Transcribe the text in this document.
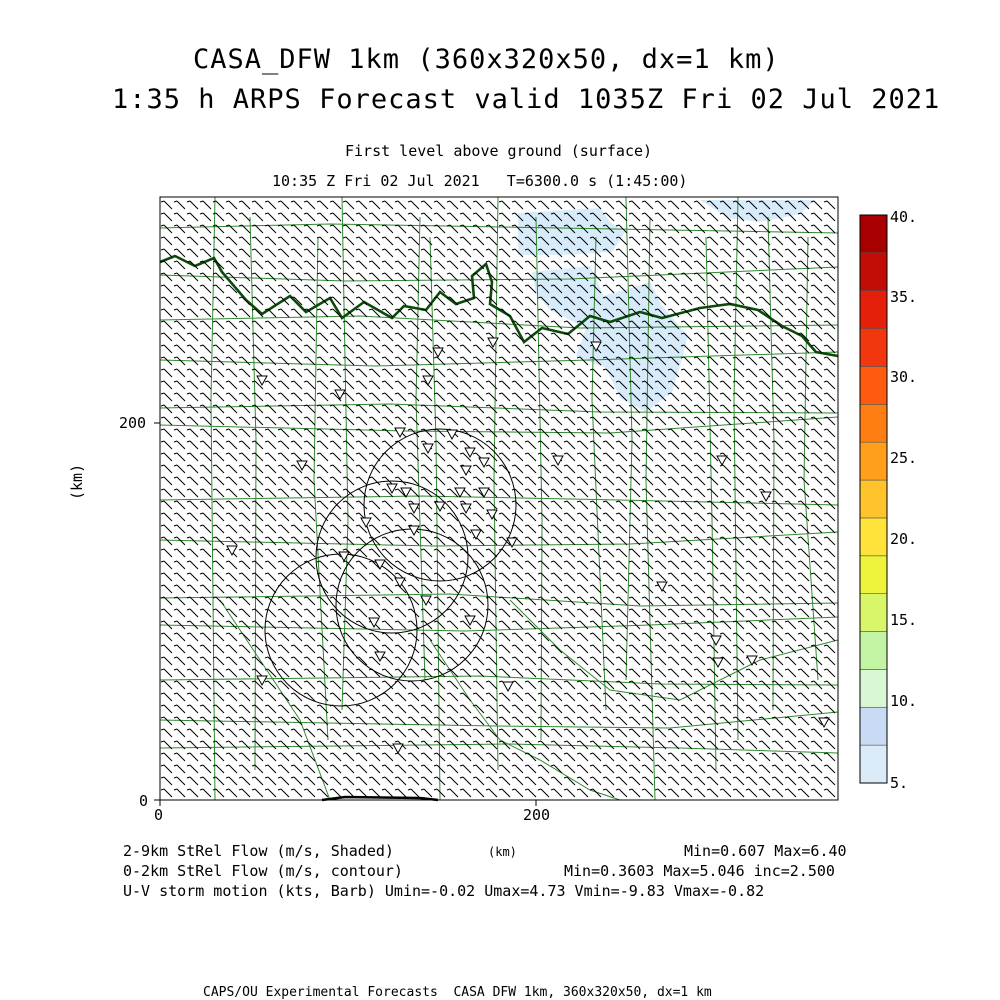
CASA_DFW 1km (360x320x50, dx=1 km)
1:35 h ARPS Forecast valid 1035Z Fri 02 Jul 2021
First level above ground (surface)
10:35 Z Fri 02 Jul 2021   T=6300.0 s (1:45:00)
(km)
200
0
0	200
40.
35.
30.
25.
20.
15.
10.
5.
2-9km StRel Flow (m/s, Shaded)	(km)	Min=0.607 Max=6.40
0-2km StRel Flow (m/s, contour)	Min=0.3603 Max=5.046 inc=2.500
U-V storm motion (kts, Barb) Umin=-0.02 Umax=4.73 Vmin=-9.83 Vmax=-0.82
CAPS/OU Experimental Forecasts  CASA DFW 1km, 360x320x50, dx=1 km
